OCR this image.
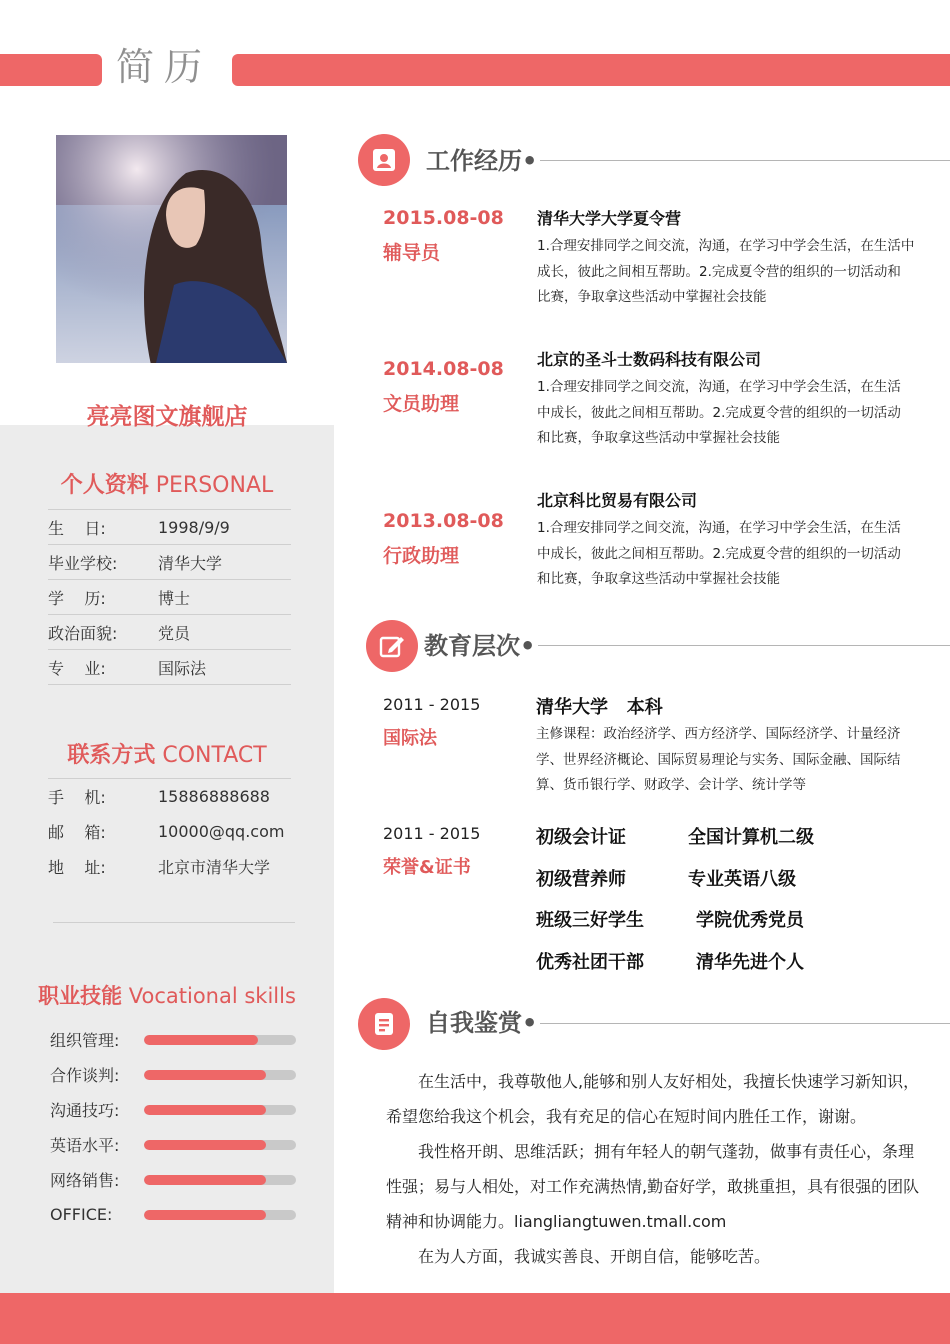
简历
亮亮图文旗舰店
个人资料 PERSONAL
生    日:	1998/9/9
毕业学校:	清华大学
学    历:	博士
政治面貌:	党员
专    业:	国际法
联系方式 CONTACT
手    机:	15886888688
邮    箱:	10000@qq.com
地    址:	北京市清华大学
职业技能 Vocational skills
组织管理:
合作谈判:
沟通技巧:
英语水平:
网络销售:
OFFICE:
工作经历•
2015.08-08
辅导员
清华大学大学夏令营
1.合理安排同学之间交流，沟通，在学习中学会生活，在生活中
成长，彼此之间相互帮助。2.完成夏令营的组织的一切活动和
比赛，争取拿这些活动中掌握社会技能
2014.08-08
文员助理
北京的圣斗士数码科技有限公司
1.合理安排同学之间交流，沟通，在学习中学会生活，在生活
中成长，彼此之间相互帮助。2.完成夏令营的组织的一切活动
和比赛，争取拿这些活动中掌握社会技能
2013.08-08
行政助理
北京科比贸易有限公司
1.合理安排同学之间交流，沟通，在学习中学会生活，在生活
中成长，彼此之间相互帮助。2.完成夏令营的组织的一切活动
和比赛，争取拿这些活动中掌握社会技能
教育层次•
2011 - 2015
国际法
清华大学   本科
主修课程：政治经济学、西方经济学、国际经济学、计量经济
学、世界经济概论、国际贸易理论与实务、国际金融、国际结
算、货币银行学、财政学、会计学、统计学等
2011 - 2015
荣誉&证书
初级会计证	全国计算机二级
初级营养师	专业英语八级
班级三好学生	学院优秀党员
优秀社团干部	清华先进个人
自我鉴赏•

在生活中，我尊敬他人,能够和别人友好相处，我擅长快速学习新知识，希望您给我这个机会，我有充足的信心在短时间内胜任工作，谢谢。

我性格开朗、思维活跃；拥有年轻人的朝气蓬勃，做事有责任心，条理性强；易与人相处，对工作充满热情,勤奋好学，敢挑重担，具有很强的团队精神和协调能力。liangliangtuwen.tmall.com

在为人方面，我诚实善良、开朗自信，能够吃苦。
